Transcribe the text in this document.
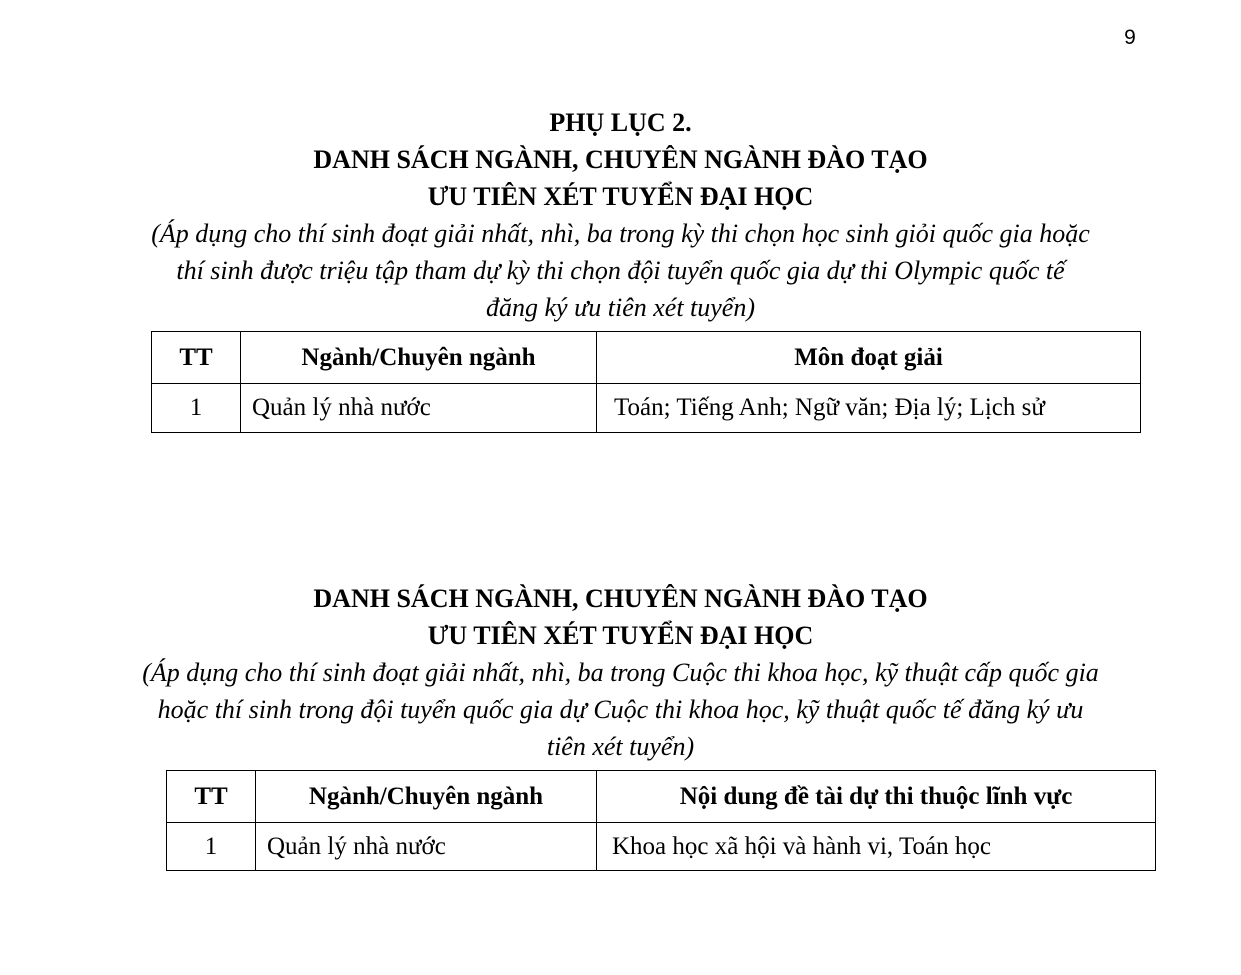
9
PHỤ LỤC 2.
DANH SÁCH NGÀNH, CHUYÊN NGÀNH ĐÀO TẠO
ƯU TIÊN XÉT TUYỂN ĐẠI HỌC
(Áp dụng cho thí sinh đoạt giải nhất, nhì, ba trong kỳ thi chọn học sinh giỏi quốc gia hoặc
thí sinh được triệu tập tham dự kỳ thi chọn đội tuyển quốc gia dự thi Olympic quốc tế
đăng ký ưu tiên xét tuyển)
TT	Ngành/Chuyên ngành	Môn đoạt giải
1	Quản lý nhà nước	Toán; Tiếng Anh; Ngữ văn; Địa lý; Lịch sử
DANH SÁCH NGÀNH, CHUYÊN NGÀNH ĐÀO TẠO
ƯU TIÊN XÉT TUYỂN ĐẠI HỌC
(Áp dụng cho thí sinh đoạt giải nhất, nhì, ba trong Cuộc thi khoa học, kỹ thuật cấp quốc gia
hoặc thí sinh trong đội tuyển quốc gia dự Cuộc thi khoa học, kỹ thuật quốc tế đăng ký ưu
tiên xét tuyển)
TT	Ngành/Chuyên ngành	Nội dung đề tài dự thi thuộc lĩnh vực
1	Quản lý nhà nước	Khoa học xã hội và hành vi, Toán học
